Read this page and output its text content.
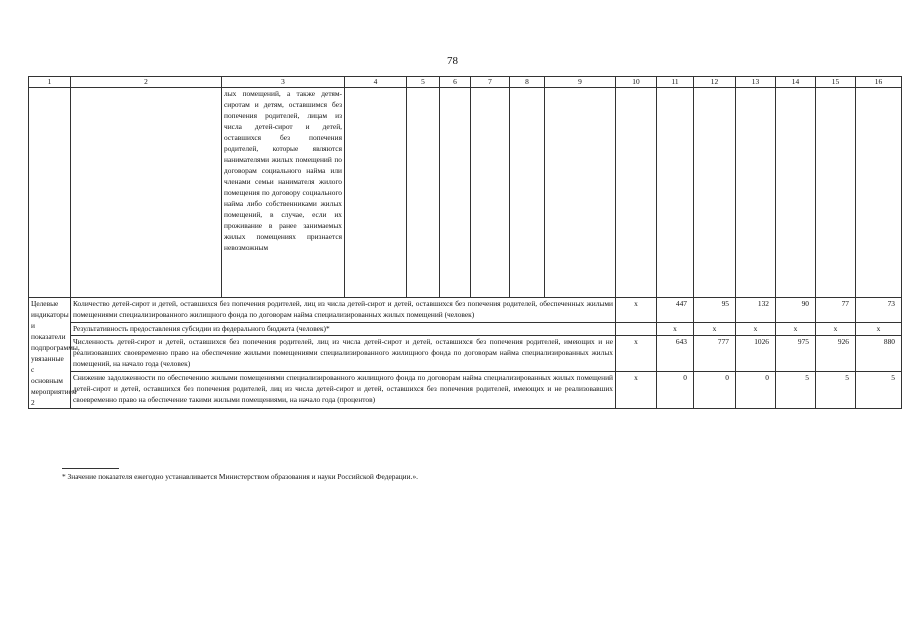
78
1	2	3	4	5	6	7	8	9	10	11	12	13	14	15	16	
		лых помещений, а также детям-сиротам и детям, оставшимся без попечения родителей, лицам из числа детей-сирот и детей, оставшихся без попечения родителей, которые являются нанимателями жилых помещений по договорам социального найма или членами семьи нанимателя жилого помещения по договору социального найма либо собственниками жилых помещений, в случае, если их проживание в ранее занимаемых жилых помещениях признается невозможным														
Целевые индикаторы и показатели подпрограммы, увязанные с основным мероприятием 2	Количество детей-сирот и детей, оставшихся без попечения родителей, лиц из числа детей-сирот и детей, оставшихся без попечения родителей, обеспеченных жилыми помещениями специализированного жилищного фонда по договорам найма специализированных жилых помещений (человек)								х	447	95	132	90	77	73	
	Результативность предоставления субсидии из федерального бюджета (человек)*									х	х	х	х	х	х	
	Численность детей-сирот и детей, оставшихся без попечения родителей, лиц из числа детей-сирот и детей, оставшихся без попечения родителей, имеющих и не реализовавших своевременно право на обеспечение жилыми помещениями специализированного жилищного фонда по договорам найма специализированных жилых помещений, на начало года (человек)								х	643	777	1026	975	926	880	
	Снижение задолженности по обеспечению жилыми помещениями специализированного жилищного фонда по договорам найма специализированных жилых помещений детей-сирот и детей, оставшихся без попечения родителей, лиц из числа детей-сирот и детей, оставшихся без попечения родителей, имеющих и не реализовавших своевременно право на обеспечение такими жилыми помещениями, на начало года (процентов)								х	0	0	0	5	5	5	
* Значение показателя ежегодно устанавливается Министерством образования и науки Российской Федерации.».
